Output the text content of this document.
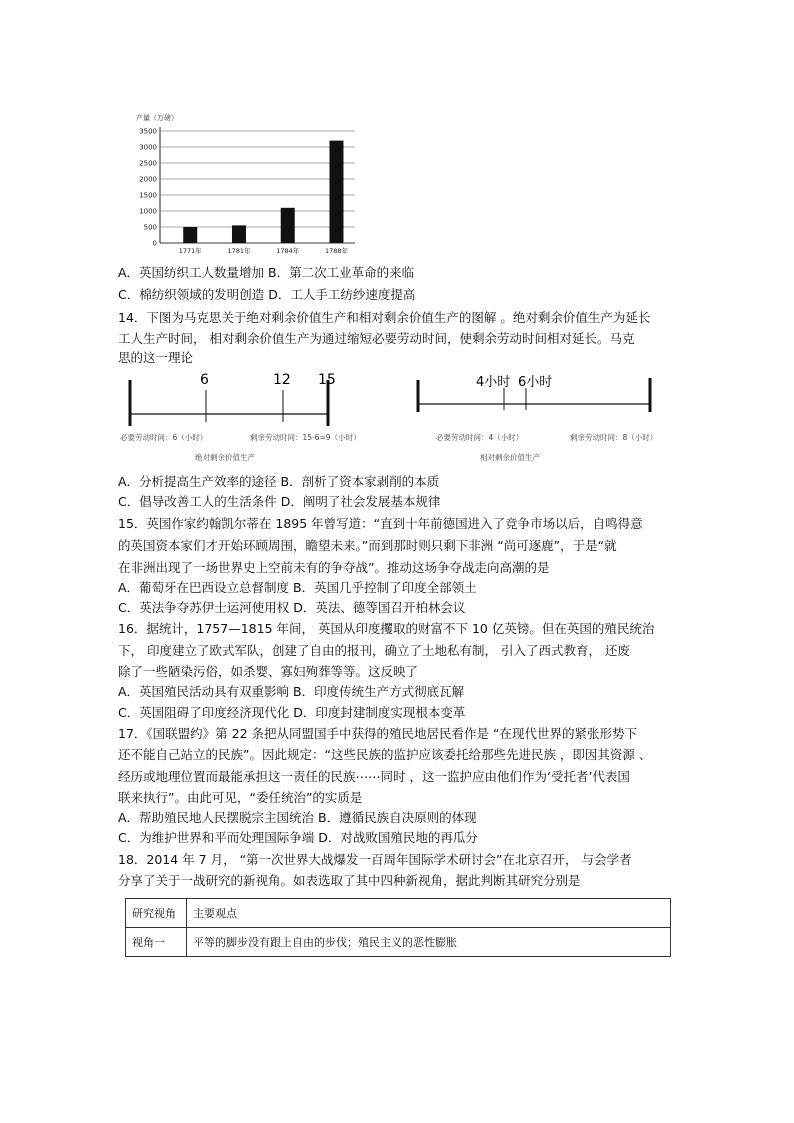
产量（万磅）
0
500
1000
1500
2000
2500
3000
3500
1771年	1781年	1784年	1788年
A．英国纺织工人数量增加 B．第二次工业革命的来临
C．棉纺织领域的发明创造 D．工人手工纺纱速度提高
14．下图为马克思关于绝对剩余价值生产和相对剩余价值生产的图解 。绝对剩余价值生产为延长
工人生产时间， 相对剩余价值生产为通过缩短必要劳动时间，使剩余劳动时间相对延长。马克
思的这一理论
6	12 15
必要劳动时间：6（小时）	剩余劳动时间：15-6=9（小时）
绝对剩余价值生产
4小时 6小时
必要劳动时间：4（小时）	剩余劳动时间：8（小时）
相对剩余价值生产
A．分析提高生产效率的途径 B．剖析了资本家剥削的本质
C．倡导改善工人的生活条件 D．阐明了社会发展基本规律
15．英国作家约翰凯尔蒂在 1895 年曾写道：“直到十年前德国进入了竞争市场以后，自鸣得意
的英国资本家们才开始环顾周围，瞻望未来。”而到那时则只剩下非洲 “尚可逐鹿”，于是“就
在非洲出现了一场世界史上空前未有的争夺战”。推动这场争夺战走向高潮的是
A．葡萄牙在巴西设立总督制度 B．英国几乎控制了印度全部领土
C．英法争夺苏伊士运河使用权 D．英法、德等国召开柏林会议
16．据统计，1757—1815 年间， 英国从印度攫取的财富不下 10 亿英镑。但在英国的殖民统治
下， 印度建立了欧式军队，创建了自由的报刊，确立了土地私有制， 引入了西式教育， 还废
除了一些陋染污俗，如杀婴、寡妇殉葬等等。这反映了
A．英国殖民活动具有双重影响 B．印度传统生产方式彻底瓦解
C．英国阻碍了印度经济现代化 D．印度封建制度实现根本变革
17．《国联盟约》第 22 条把从同盟国手中获得的殖民地居民看作是 “在现代世界的紧张形势下
还不能自己站立的民族”。因此规定：“这些民族的监护应该委托给那些先进民族 ，即因其资源 、
经历或地理位置而最能承担这一责任的民族⋯⋯同时 ，这一监护应由他们作为‘受托者’代表国
联来执行”。由此可见，“委任统治”的实质是
A．帮助殖民地人民摆脱宗主国统治 B．遵循民族自决原则的体现
C．为维护世界和平而处理国际争端 D．对战败国殖民地的再瓜分
18．2014 年 7 月， “第一次世界大战爆发一百周年国际学术研讨会”在北京召开， 与会学者
分享了关于一战研究的新视角。如表选取了其中四种新视角，据此判断其研究分别是
研究视角	主要观点
视角一	平等的脚步没有跟上自由的步伐；殖民主义的恶性膨胀
